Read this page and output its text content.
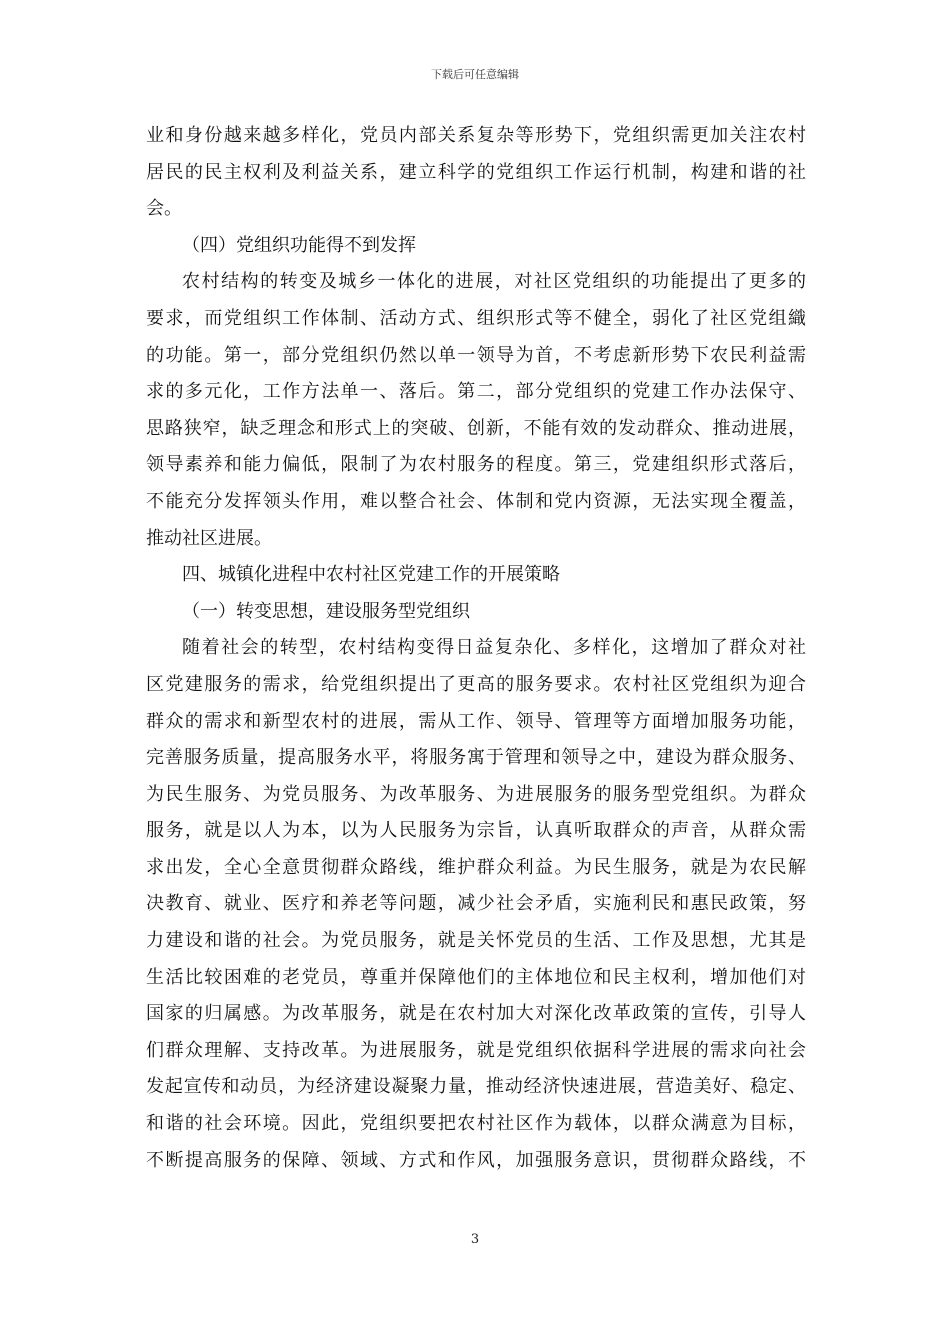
下载后可任意编辑
业和身份越来越多样化，党员内部关系复杂等形势下，党组织需更加关注农村
居民的民主权利及利益关系，建立科学的党组织工作运行机制，构建和谐的社
会。
（四）党组织功能得不到发挥
农村结构的转变及城乡一体化的进展，对社区党组织的功能提出了更多的
要求，而党组织工作体制、活动方式、组织形式等不健全，弱化了社区党组織
的功能。第一，部分党组织仍然以单一领导为首，不考虑新形势下农民利益需
求的多元化，工作方法单一、落后。第二，部分党组织的党建工作办法保守、
思路狭窄，缺乏理念和形式上的突破、创新，不能有效的发动群众、推动进展，
领导素养和能力偏低，限制了为农村服务的程度。第三，党建组织形式落后，
不能充分发挥领头作用，难以整合社会、体制和党内资源，无法实现全覆盖，
推动社区进展。
四、城镇化进程中农村社区党建工作的开展策略
（一）转变思想，建设服务型党组织
随着社会的转型，农村结构变得日益复杂化、多样化，这增加了群众对社
区党建服务的需求，给党组织提出了更高的服务要求。农村社区党组织为迎合
群众的需求和新型农村的进展，需从工作、领导、管理等方面增加服务功能，
完善服务质量，提高服务水平，将服务寓于管理和领导之中，建设为群众服务、
为民生服务、为党员服务、为改革服务、为进展服务的服务型党组织。为群众
服务，就是以人为本，以为人民服务为宗旨，认真听取群众的声音，从群众需
求出发，全心全意贯彻群众路线，维护群众利益。为民生服务，就是为农民解
决教育、就业、医疗和养老等问题，减少社会矛盾，实施利民和惠民政策，努
力建设和谐的社会。为党员服务，就是关怀党员的生活、工作及思想，尤其是
生活比较困难的老党员，尊重并保障他们的主体地位和民主权利，增加他们对
国家的归属感。为改革服务，就是在农村加大对深化改革政策的宣传，引导人
们群众理解、支持改革。为进展服务，就是党组织依据科学进展的需求向社会
发起宣传和动员，为经济建设凝聚力量，推动经济快速进展，营造美好、稳定、
和谐的社会环境。因此，党组织要把农村社区作为载体，以群众满意为目标，
不断提高服务的保障、领域、方式和作风，加强服务意识，贯彻群众路线，不
3
